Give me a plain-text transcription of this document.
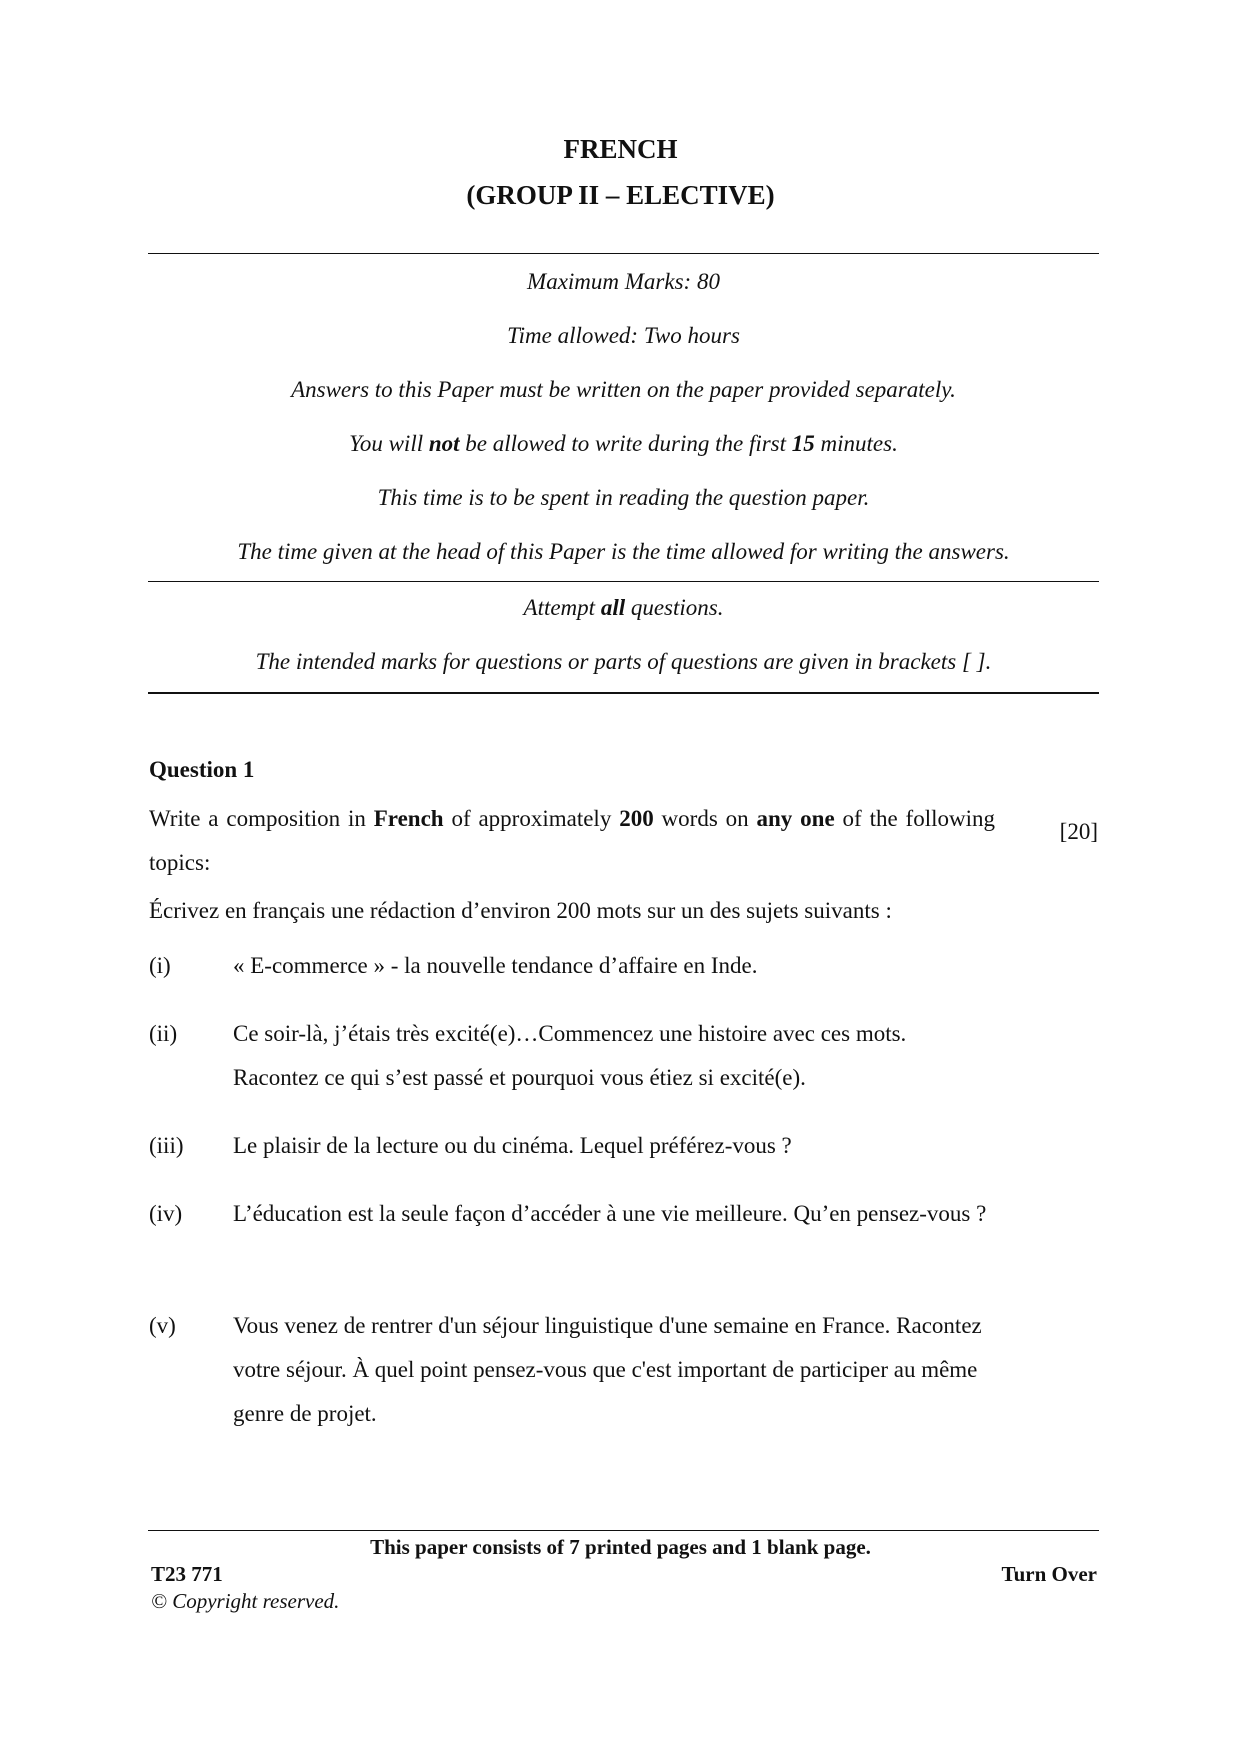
FRENCH
(GROUP II – ELECTIVE)
Maximum Marks: 80
Time allowed: Two hours
Answers to this Paper must be written on the paper provided separately.
You will not be allowed to write during the first 15 minutes.
This time is to be spent in reading the question paper.
The time given at the head of this Paper is the time allowed for writing the answers.
Attempt all questions.
The intended marks for questions or parts of questions are given in brackets [ ].
Question 1
Write a composition in French of approximately 200 words on any one of the following topics:
[20]
Écrivez en français une rédaction d’environ 200 mots sur un des sujets suivants :
(i)	« E-commerce » - la nouvelle tendance d’affaire en Inde.
(ii)	Ce soir-là, j’étais très excité(e)…Commencez une histoire avec ces mots. Racontez ce qui s’est passé et pourquoi vous étiez si excité(e).
(iii)	Le plaisir de la lecture ou du cinéma. Lequel préférez-vous ?
(iv)	L’éducation est la seule façon d’accéder à une vie meilleure. Qu’en pensez-vous ?
(v)	Vous venez de rentrer d'un séjour linguistique d'une semaine en France. Racontez votre séjour. À quel point pensez-vous que c'est important de participer au même genre de projet.
This paper consists of 7 printed pages and 1 blank page.
T23 771	Turn Over
© Copyright reserved.
